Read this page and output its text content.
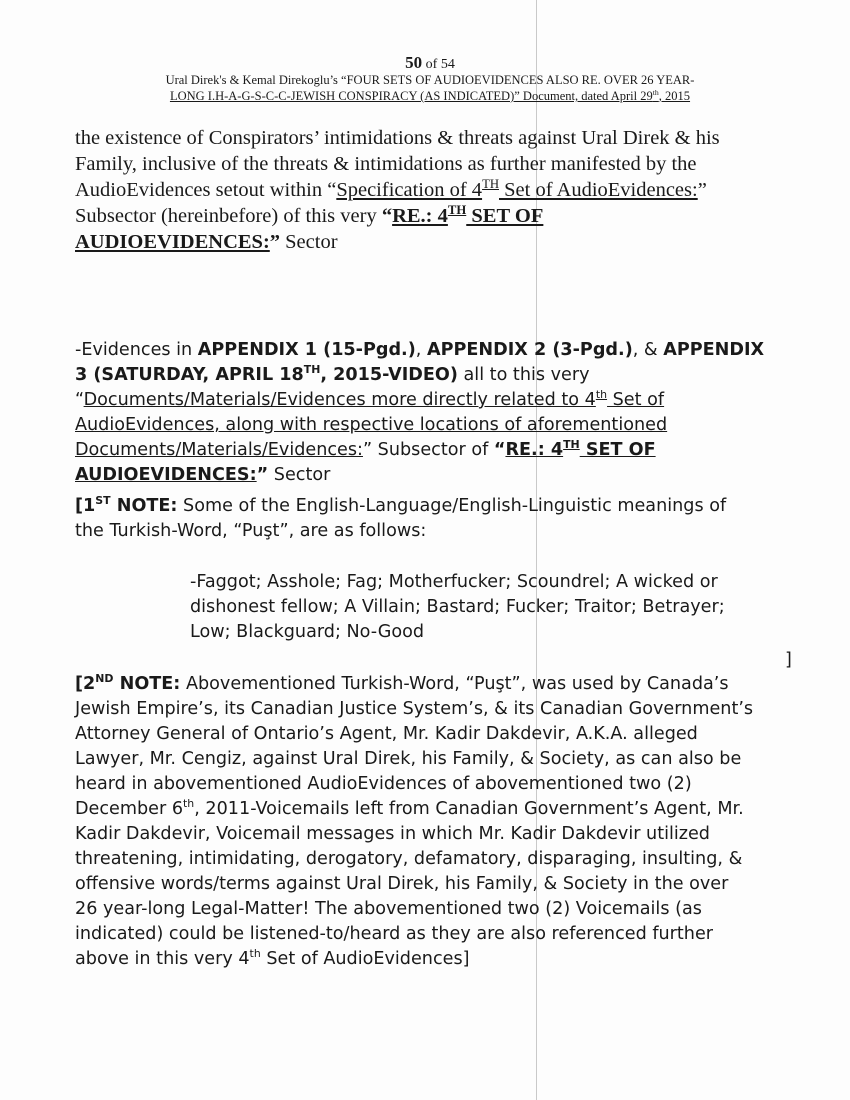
50 of 54
Ural Direk's & Kemal Direkoglu’s “FOUR SETS OF AUDIOEVIDENCES ALSO RE. OVER 26 YEAR-
LONG I.H-A-G-S-C-C-JEWISH CONSPIRACY (AS INDICATED)” Document, dated April 29th, 2015
the existence of Conspirators’ intimidations & threats against Ural Direk & his
Family, inclusive of the threats & intimidations as further manifested by the
AudioEvidences setout within “Specification of 4TH Set of AudioEvidences:”
Subsector (hereinbefore) of this very “RE.: 4TH SET OF
AUDIOEVIDENCES:” Sector
-Evidences in APPENDIX 1 (15-Pgd.), APPENDIX 2 (3-Pgd.), & APPENDIX
3 (SATURDAY, APRIL 18TH, 2015-VIDEO) all to this very
“Documents/Materials/Evidences more directly related to 4th Set of
AudioEvidences, along with respective locations of aforementioned
Documents/Materials/Evidences:” Subsector of “RE.: 4TH SET OF
AUDIOEVIDENCES:” Sector
[1ST NOTE: Some of the English-Language/English-Linguistic meanings of
the Turkish-Word, “Puşt”, are as follows:
-Faggot; Asshole; Fag; Motherfucker; Scoundrel; A wicked or
dishonest fellow; A Villain; Bastard; Fucker; Traitor; Betrayer;
Low; Blackguard; No-Good
]
[2ND NOTE: Abovementioned Turkish-Word, “Puşt”, was used by Canada’s
Jewish Empire’s, its Canadian Justice System’s, & its Canadian Government’s
Attorney General of Ontario’s Agent, Mr. Kadir Dakdevir, A.K.A. alleged
Lawyer, Mr. Cengiz, against Ural Direk, his Family, & Society, as can also be
heard in abovementioned AudioEvidences of abovementioned two (2)
December 6th, 2011-Voicemails left from Canadian Government’s Agent, Mr.
Kadir Dakdevir, Voicemail messages in which Mr. Kadir Dakdevir utilized
threatening, intimidating, derogatory, defamatory, disparaging, insulting, &
offensive words/terms against Ural Direk, his Family, & Society in the over
26 year-long Legal-Matter! The abovementioned two (2) Voicemails (as
indicated) could be listened-to/heard as they are also referenced further
above in this very 4th Set of AudioEvidences]
